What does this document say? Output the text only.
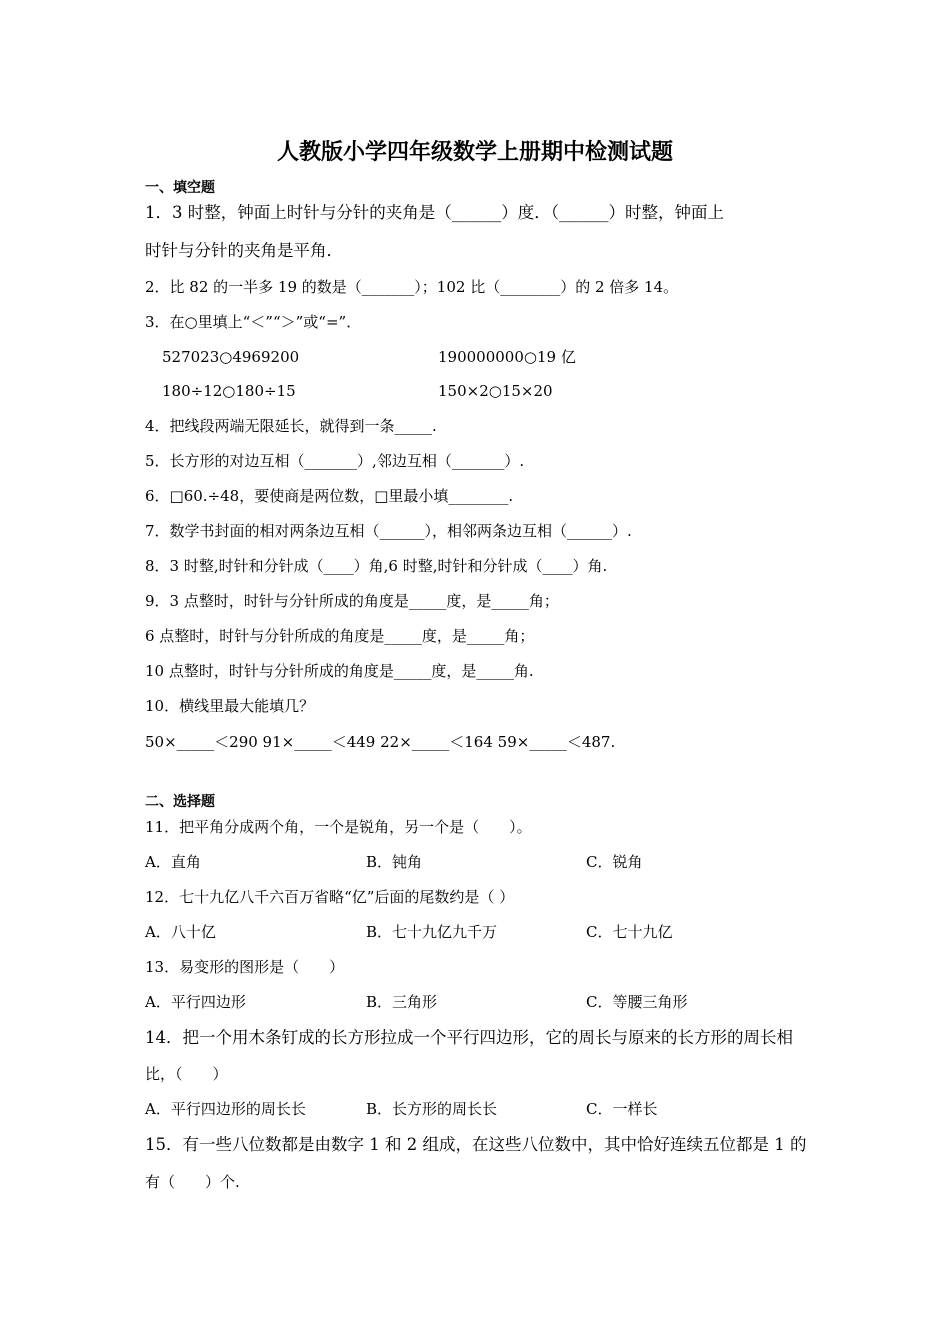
人教版小学四年级数学上册期中检测试题
一、填空题
1．3 时整，钟面上时针与分针的夹角是（______）度．（______）时整，钟面上
时针与分针的夹角是平角．
2．比 82 的一半多 19 的数是（_______）；102 比（________）的 2 倍多 14。
3．在○里填上“＜”“＞”或“=”．
527023○4969200	190000000○19 亿
180÷12○180÷15	150×2○15×20
4．把线段两端无限延长，就得到一条_____.
5．长方形的对边互相（_______）,邻边互相（_______）.
6．□60.÷48，要使商是两位数，□里最小填________.
7．数学书封面的相对两条边互相（______），相邻两条边互相（______）.
8．3 时整,时针和分针成（____）角,6 时整,时针和分针成（____）角.
9．3 点整时，时针与分针所成的角度是_____度，是_____角；
6 点整时，时针与分针所成的角度是_____度，是_____角；
10 点整时，时针与分针所成的角度是_____度，是_____角.
10．横线里最大能填几？
50×_____＜290 91×_____＜449 22×_____＜164 59×_____＜487.
二、选择题
11．把平角分成两个角，一个是锐角，另一个是（　　）。
A．直角	B．钝角	C．锐角
12．七十九亿八千六百万省略“亿”后面的尾数约是（ ）
A．八十亿	B．七十九亿九千万	C．七十九亿
13．易变形的图形是（　　）
A．平行四边形	B．三角形	C．等腰三角形
14．把一个用木条钉成的长方形拉成一个平行四边形，它的周长与原来的长方形的周长相
比，（　　）
A．平行四边形的周长长	B．长方形的周长长	C．一样长
15．有一些八位数都是由数字 1 和 2 组成，在这些八位数中，其中恰好连续五位都是 1 的
有（　　）个.
